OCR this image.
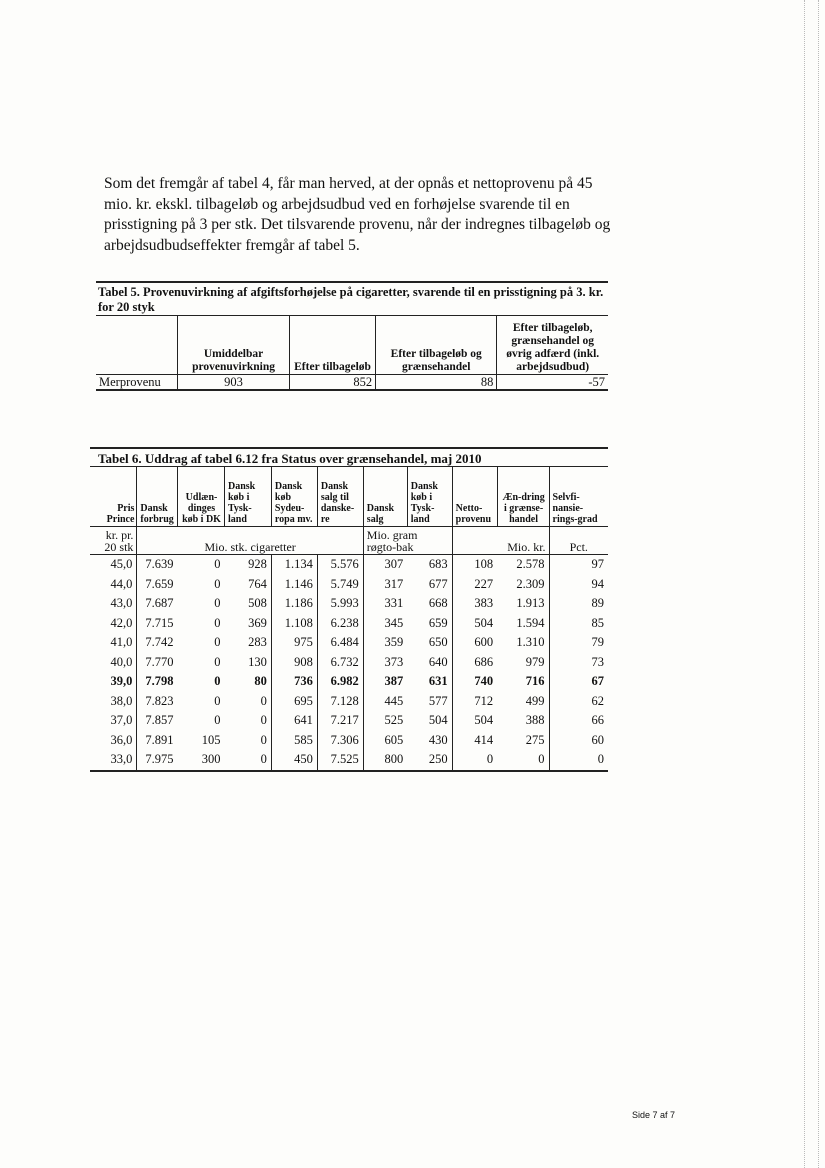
Som det fremgår af tabel 4, får man herved, at der opnås et nettoprovenu på 45 mio. kr. ekskl. tilbageløb og arbejdsudbud ved en forhøjelse svarende til en prisstigning på 3 per stk. Det tilsvarende provenu, når der indregnes tilbageløb og arbejdsudbudseffekter fremgår af tabel 5.

Tabel 5. Provenuvirkning af afgiftsforhøjelse på cigaretter, svarende til en prisstigning på 3. kr. for 20 styk				
	Umiddelbar provenuvirkning	Efter tilbageløb	Efter tilbageløb og grænsehandel	Efter tilbageløb, grænsehandel og øvrig adfærd (inkl. arbejdsudbud)
Merprovenu	903	852	88	-57
Tabel 6. Uddrag af tabel 6.12 fra Status over grænsehandel, maj 2010										
Pris Prince	Dansk forbrug	Udlæn-dinges køb i DK	Dansk køb i Tysk-land	Dansk køb Sydeu-ropa mv.	Dansk salg til danske-re	Dansk salg	Dansk køb i Tysk-land	Netto-provenu	Æn-dring i grænse-handel	Selvfi-nansie-rings-grad
kr. pr. 20 stk	Mio. stk. cigaretter					Mio. gram røgto-bak		Mio. kr.		Pct.
45,0	7.639	0	928	1.134	5.576	307	683	108	2.578	97
44,0	7.659	0	764	1.146	5.749	317	677	227	2.309	94
43,0	7.687	0	508	1.186	5.993	331	668	383	1.913	89
42,0	7.715	0	369	1.108	6.238	345	659	504	1.594	85
41,0	7.742	0	283	975	6.484	359	650	600	1.310	79
40,0	7.770	0	130	908	6.732	373	640	686	979	73
39,0	7.798	0	80	736	6.982	387	631	740	716	67
38,0	7.823	0	0	695	7.128	445	577	712	499	62
37,0	7.857	0	0	641	7.217	525	504	504	388	66
36,0	7.891	105	0	585	7.306	605	430	414	275	60
33,0	7.975	300	0	450	7.525	800	250	0	0	0
Side 7 af 7
